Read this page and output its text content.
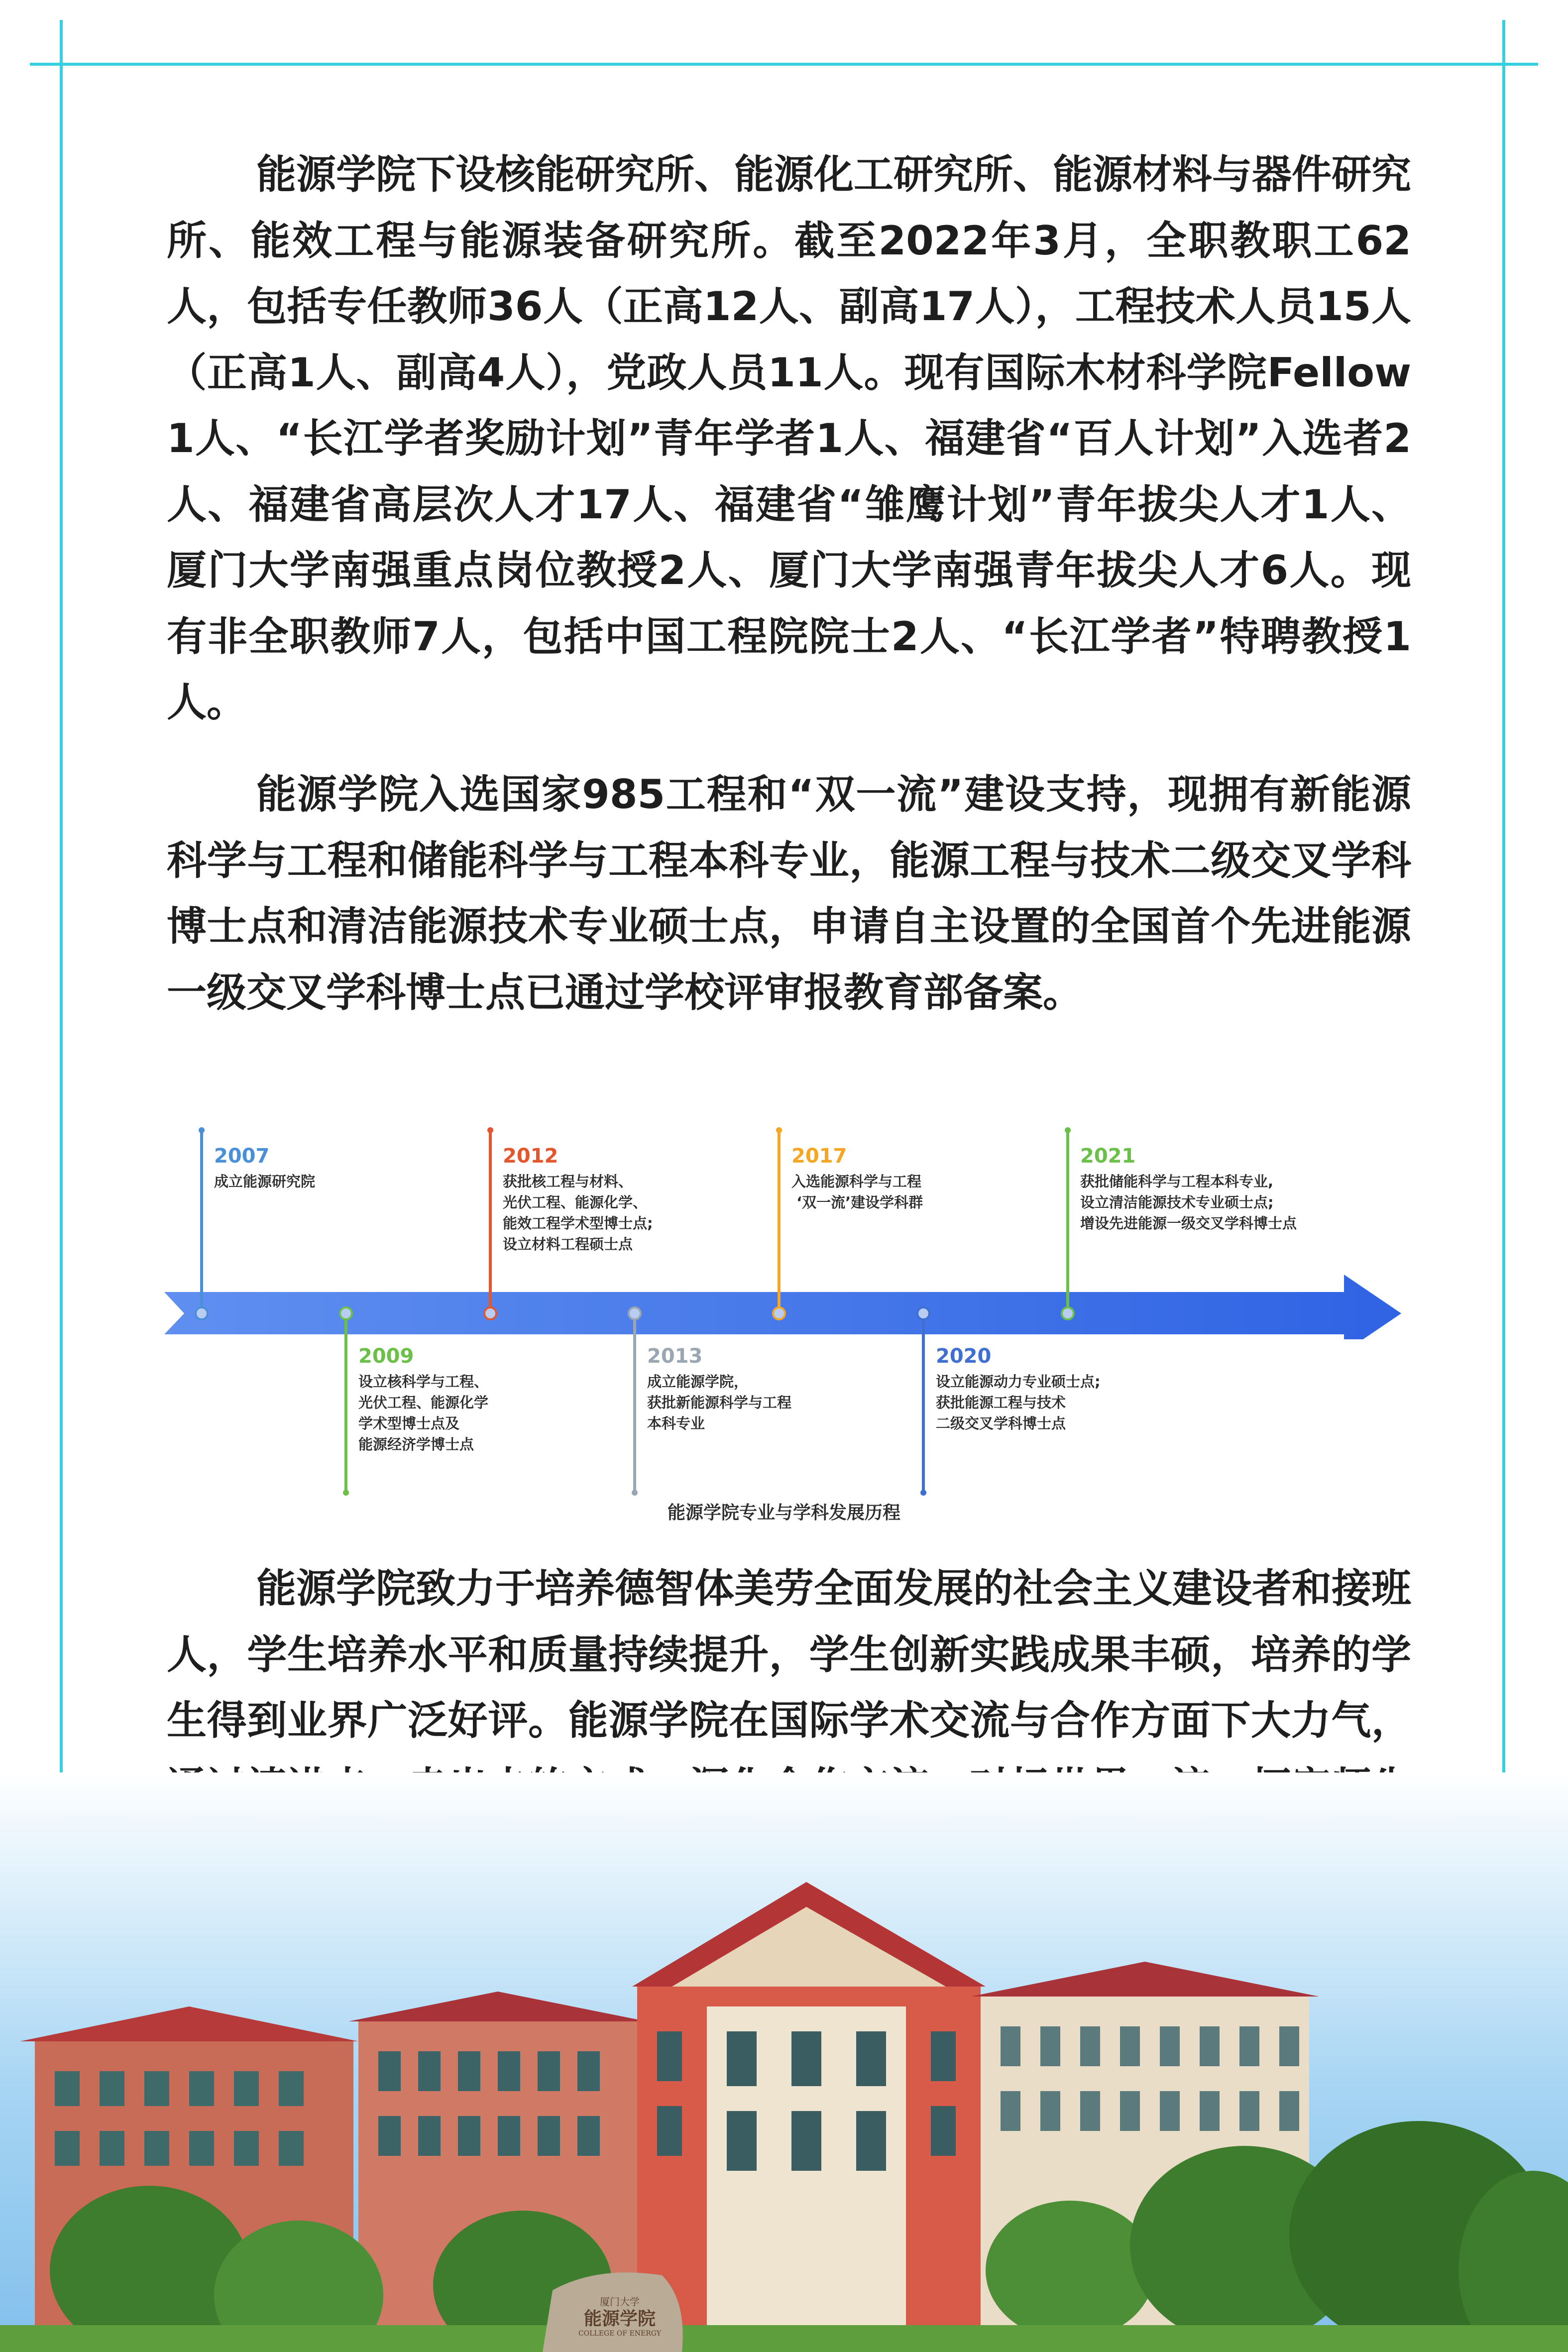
能源学院下设核能研究所、能源化工研究所、能源材料与器件研究所、能效工程与能源装备研究所。截至2022年3月，全职教职工62人，包括专任教师36人（正高12人、副高17人），工程技术人员15人（正高1人、副高4人），党政人员11人。现有国际木材科学院Fellow 1人、“长江学者奖励计划”青年学者1人、福建省“百人计划”入选者2人、福建省高层次人才17人、福建省“雏鹰计划”青年拔尖人才1人、厦门大学南强重点岗位教授2人、厦门大学南强青年拔尖人才6人。现有非全职教师7人，包括中国工程院院士2人、“长江学者”特聘教授1人。

能源学院入选国家985工程和“双一流”建设支持，现拥有新能源科学与工程和储能科学与工程本科专业，能源工程与技术二级交叉学科博士点和清洁能源技术专业硕士点，申请自主设置的全国首个先进能源一级交叉学科博士点已通过学校评审报教育部备案。

2007
成立能源研究院
2009
设立核科学与工程、
光伏工程、能源化学
学术型博士点及
能源经济学博士点
2012
获批核工程与材料、
光伏工程、能源化学、
能效工程学术型博士点;
设立材料工程硕士点
2013
成立能源学院，
获批新能源科学与工程
本科专业
2017
入选能源科学与工程
‘双一流’建设学科群
2020
设立能源动力专业硕士点;
获批能源工程与技术
二级交叉学科博士点
2021
获批储能科学与工程本科专业,
设立清洁能源技术专业硕士点;
增设先进能源一级交叉学科博士点
能源学院专业与学科发展历程

能源学院致力于培养德智体美劳全面发展的社会主义建设者和接班人，学生培养水平和质量持续提升，学生创新实践成果丰硕，培养的学生得到业界广泛好评。能源学院在国际学术交流与合作方面下大力气，

厦门大学
能源学院
COLLEGE OF ENERGY
